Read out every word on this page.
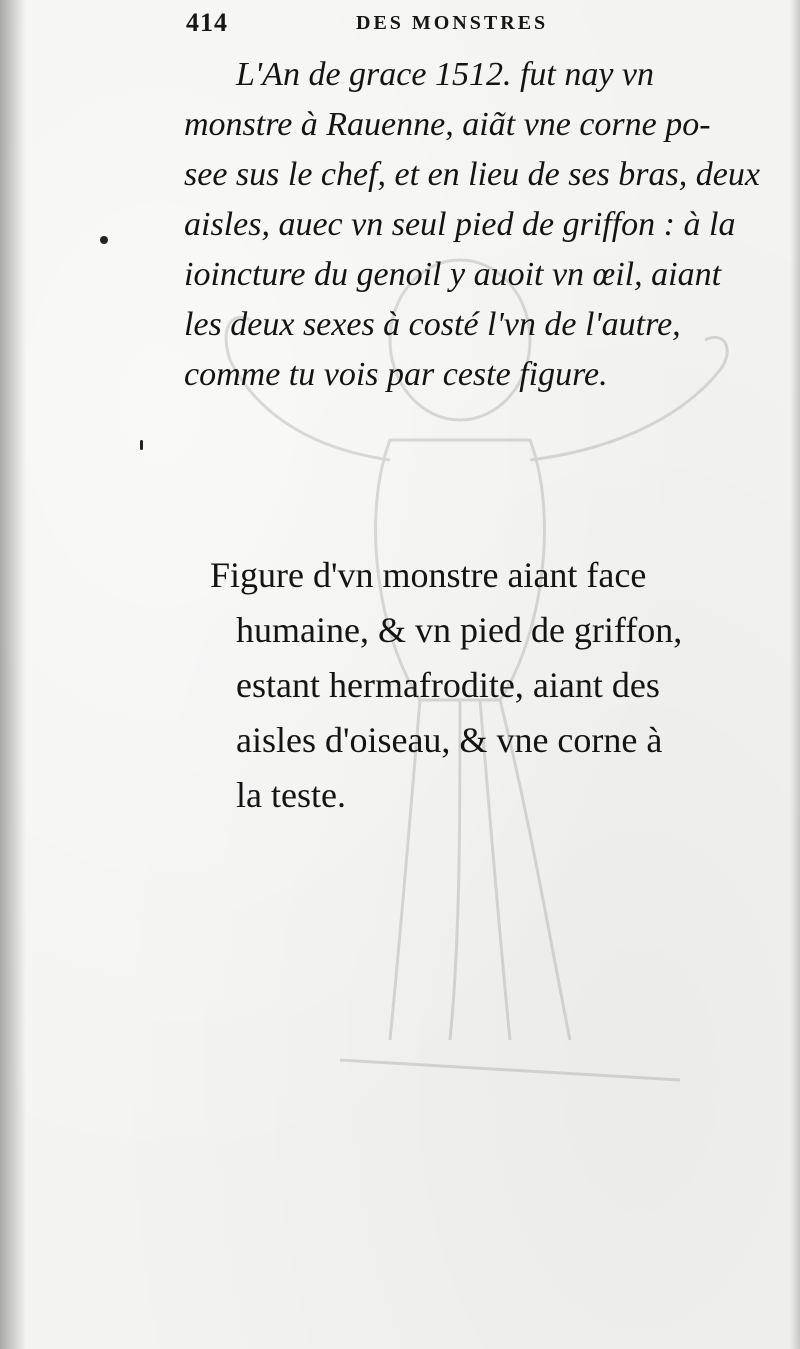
414	DES MONSTRES

L'An de grace 1512. fut nay vn
monstre à Rauenne, aiãt vne corne po-
see sus le chef, et en lieu de ses bras, deux
aisles, auec vn seul pied de griffon : à la
ioincture du genoil y auoit vn œil, aiant
les deux sexes à costé l'vn de l'autre,
comme tu vois par ceste figure.

Figure d'vn monstre aiant face
humaine, & vn pied de griffon,
estant hermafrodite, aiant des
aisles d'oiseau, & vne corne à
la teste.
